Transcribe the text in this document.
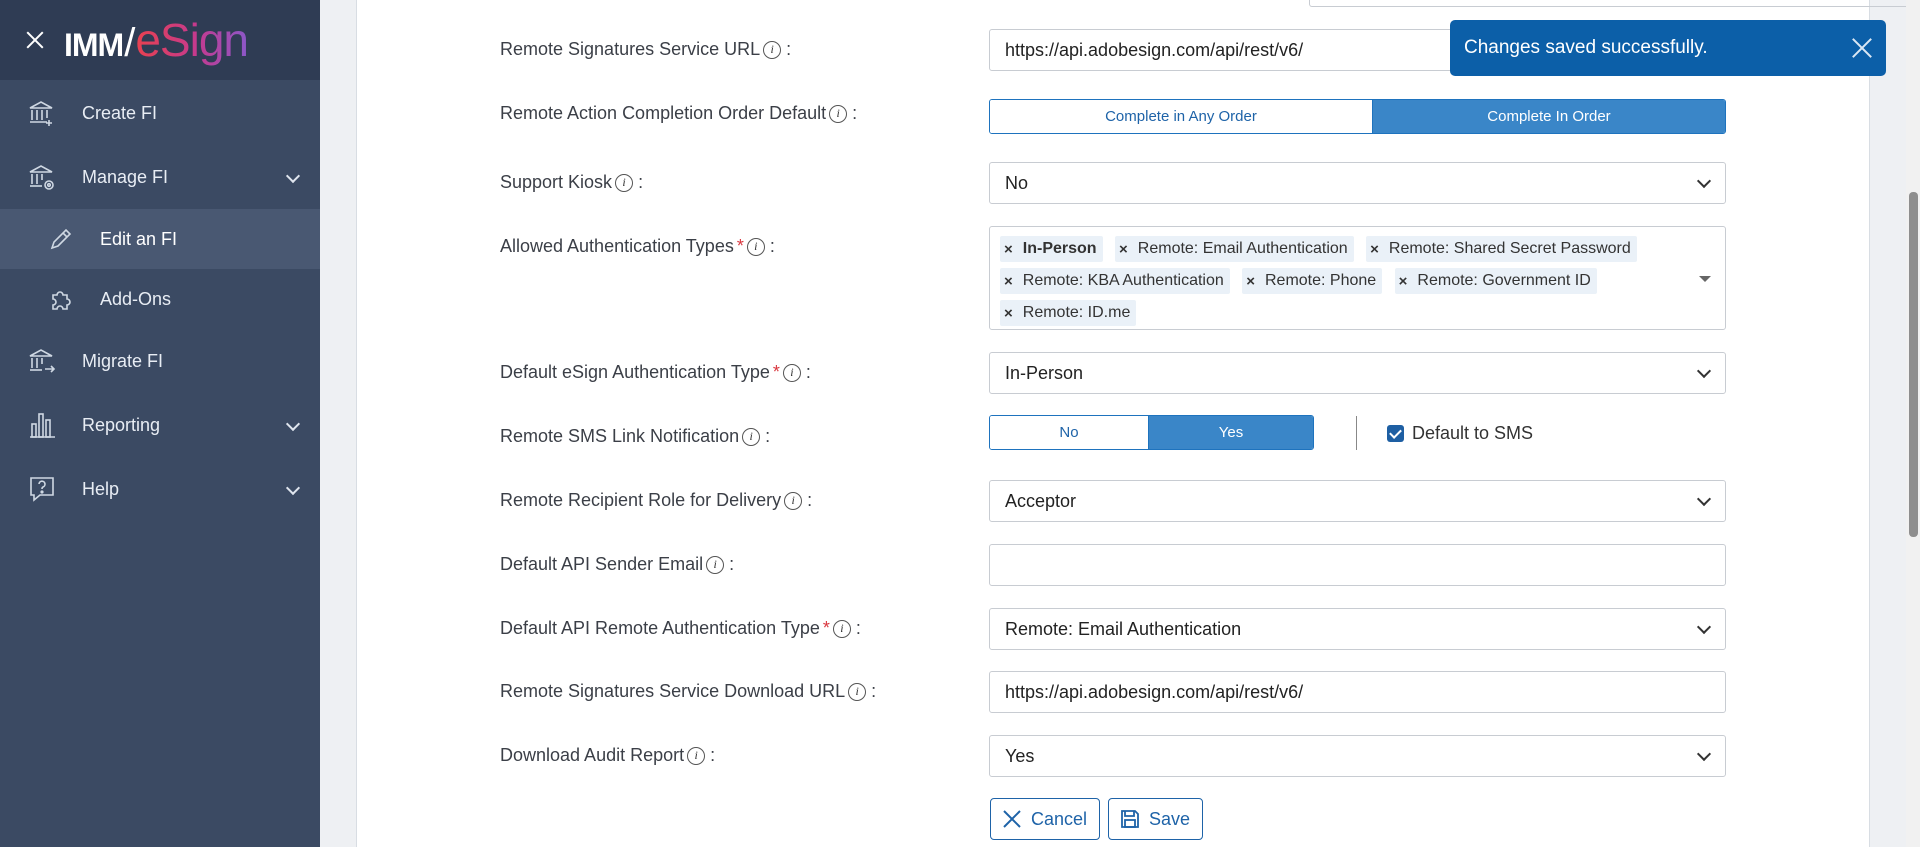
IMM / eSign
Create FI
Manage FI
Edit an FI
Add-Ons
Migrate FI
Reporting
Help
Remote Signatures Service URL i :	https://api.adobesign.com/api/rest/v6/
Remote Action Completion Order Default i :	Complete in Any Order	Complete In Order
Support Kiosk i :	No
Allowed Authentication Types * i :	× In-Person
× Remote: Email Authentication
× Remote: Shared Secret Password

× Remote: KBA Authentication
× Remote: Phone
× Remote: Government ID

× Remote: ID.me
Default eSign Authentication Type * i :	In-Person
Remote SMS Link Notification i :	No	Yes	Default to SMS
Remote Recipient Role for Delivery i :	Acceptor
Default API Sender Email i :
Default API Remote Authentication Type * i :	Remote: Email Authentication
Remote Signatures Service Download URL i :	https://api.adobesign.com/api/rest/v6/
Download Audit Report i :	Yes
Cancel	Save
Changes saved successfully.
